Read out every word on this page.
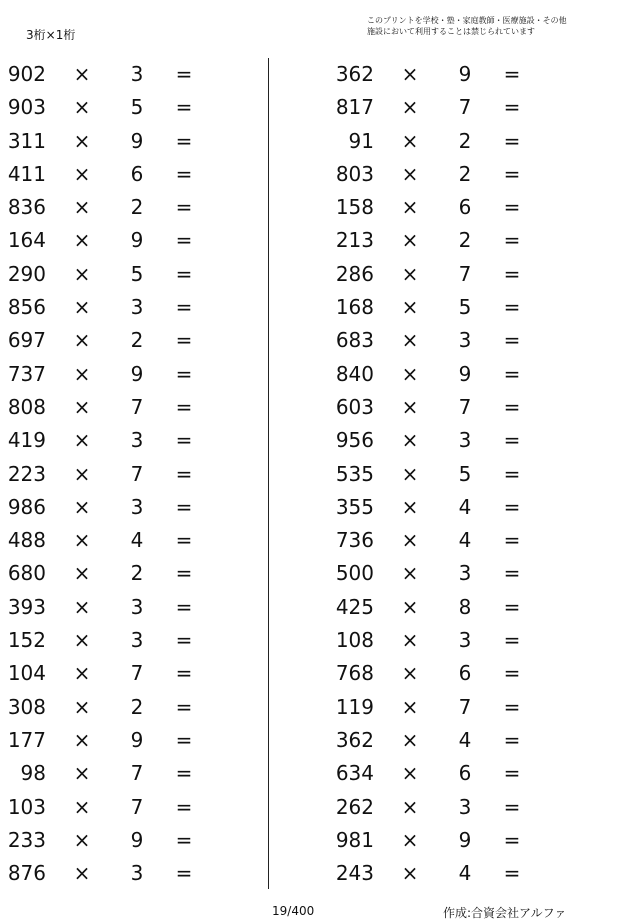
3桁×1桁
このプリントを学校・塾・家庭教師・医療施設・その他
施設において利用することは禁じられています
902 × 3 =
903 × 5 =
311 × 9 =
411 × 6 =
836 × 2 =
164 × 9 =
290 × 5 =
856 × 3 =
697 × 2 =
737 × 9 =
808 × 7 =
419 × 3 =
223 × 7 =
986 × 3 =
488 × 4 =
680 × 2 =
393 × 3 =
152 × 3 =
104 × 7 =
308 × 2 =
177 × 9 =
98 × 7 =
103 × 7 =
233 × 9 =
876 × 3 =
362 × 9 =
817 × 7 =
91 × 2 =
803 × 2 =
158 × 6 =
213 × 2 =
286 × 7 =
168 × 5 =
683 × 3 =
840 × 9 =
603 × 7 =
956 × 3 =
535 × 5 =
355 × 4 =
736 × 4 =
500 × 3 =
425 × 8 =
108 × 3 =
768 × 6 =
119 × 7 =
362 × 4 =
634 × 6 =
262 × 3 =
981 × 9 =
243 × 4 =
19/400	作成:合資会社アルファ
